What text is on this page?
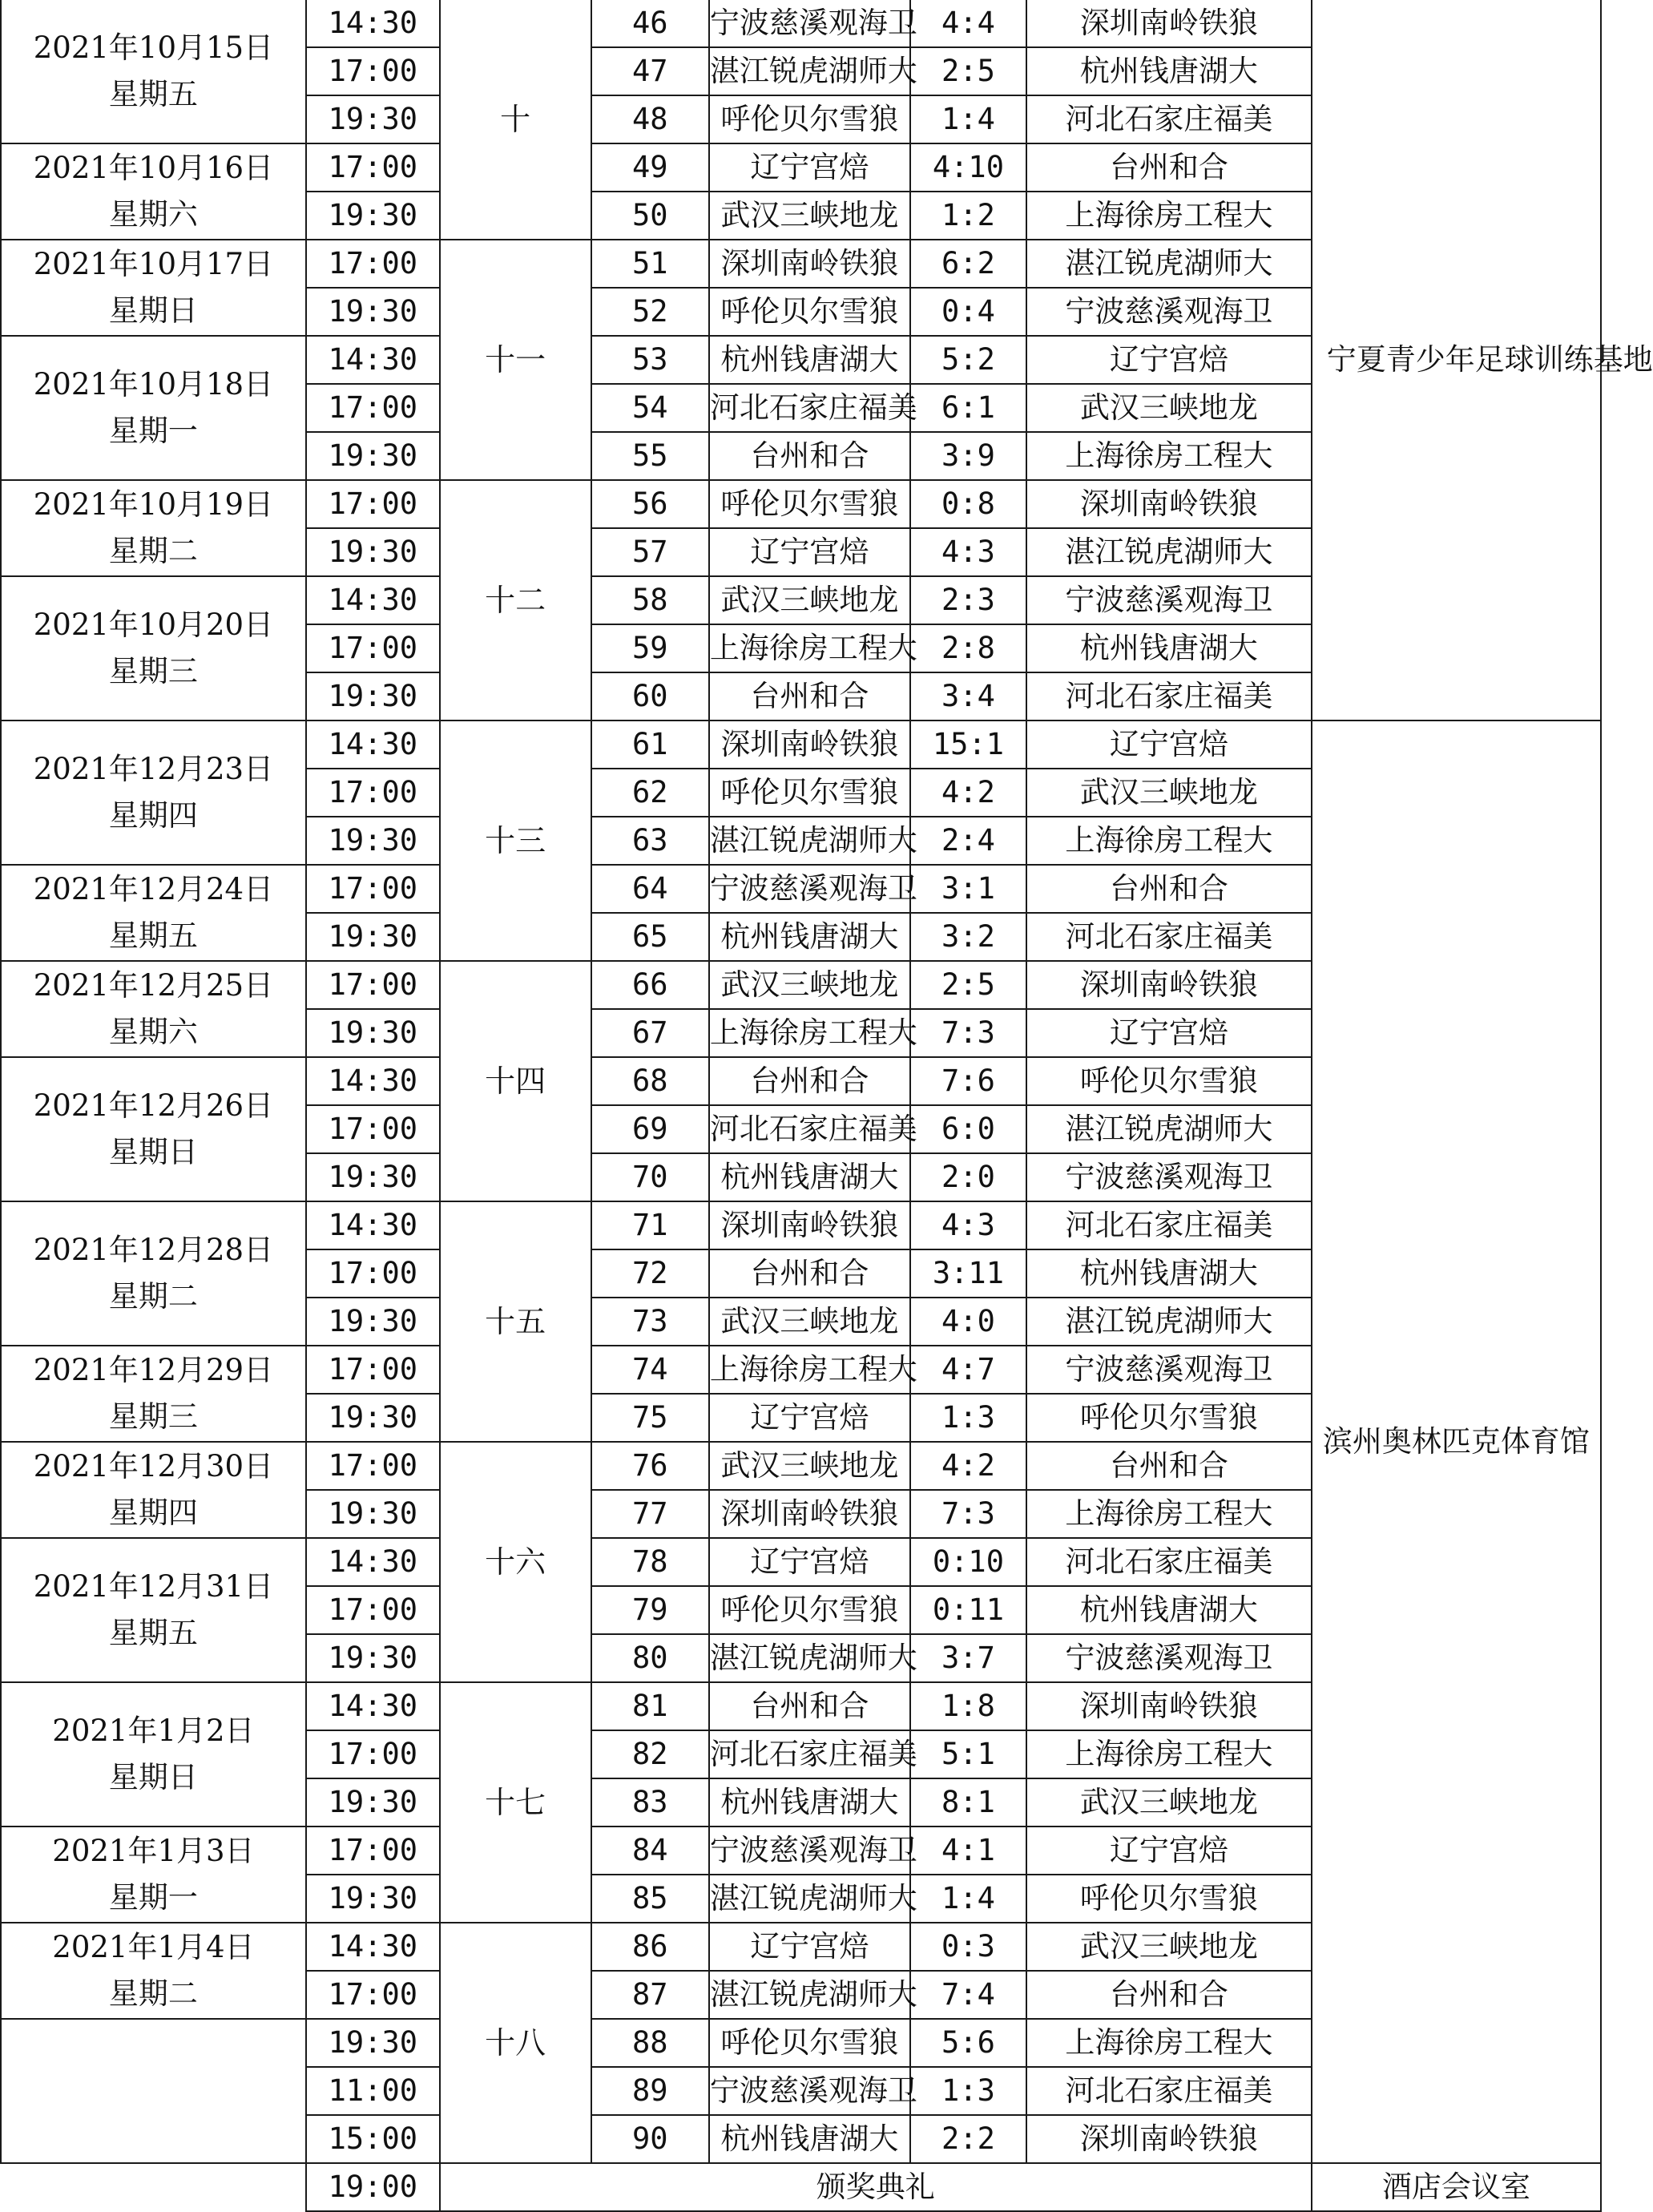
2021年10月15日
星期五	14:30	十	46	宁波慈溪观海卫	4:4	深圳南岭铁狼	宁夏青少年足球训练基地

	17:00		47	湛江锐虎湖师大	2:5	杭州钱唐湖大	
	19:30		48	呼伦贝尔雪狼	1:4	河北石家庄福美	

2021年10月16日
星期六	17:00		49	辽宁宫焙	4:10	台州和合	
	19:30		50	武汉三峡地龙	1:2	上海徐房工程大	

2021年10月17日
星期日	17:00	十一	51	深圳南岭铁狼	6:2	湛江锐虎湖师大	
	19:30		52	呼伦贝尔雪狼	0:4	宁波慈溪观海卫	

2021年10月18日
星期一	14:30		53	杭州钱唐湖大	5:2	辽宁宫焙	
	17:00		54	河北石家庄福美	6:1	武汉三峡地龙	
	19:30		55	台州和合	3:9	上海徐房工程大	

2021年10月19日
星期二	17:00	十二	56	呼伦贝尔雪狼	0:8	深圳南岭铁狼	
	19:30		57	辽宁宫焙	4:3	湛江锐虎湖师大	

2021年10月20日
星期三	14:30		58	武汉三峡地龙	2:3	宁波慈溪观海卫	
	17:00		59	上海徐房工程大	2:8	杭州钱唐湖大	
	19:30		60	台州和合	3:4	河北石家庄福美	

2021年12月23日
星期四	14:30	十三	61	深圳南岭铁狼	15:1	辽宁宫焙	滨州奥林匹克体育馆

	17:00		62	呼伦贝尔雪狼	4:2	武汉三峡地龙	
	19:30		63	湛江锐虎湖师大	2:4	上海徐房工程大	

2021年12月24日
星期五	17:00		64	宁波慈溪观海卫	3:1	台州和合	
	19:30		65	杭州钱唐湖大	3:2	河北石家庄福美	

2021年12月25日
星期六	17:00	十四	66	武汉三峡地龙	2:5	深圳南岭铁狼	
	19:30		67	上海徐房工程大	7:3	辽宁宫焙	

2021年12月26日
星期日	14:30		68	台州和合	7:6	呼伦贝尔雪狼	
	17:00		69	河北石家庄福美	6:0	湛江锐虎湖师大	
	19:30		70	杭州钱唐湖大	2:0	宁波慈溪观海卫	

2021年12月28日
星期二	14:30	十五	71	深圳南岭铁狼	4:3	河北石家庄福美	
	17:00		72	台州和合	3:11	杭州钱唐湖大	
	19:30		73	武汉三峡地龙	4:0	湛江锐虎湖师大	

2021年12月29日
星期三	17:00		74	上海徐房工程大	4:7	宁波慈溪观海卫	
	19:30		75	辽宁宫焙	1:3	呼伦贝尔雪狼	

2021年12月30日
星期四	17:00	十六	76	武汉三峡地龙	4:2	台州和合	
	19:30		77	深圳南岭铁狼	7:3	上海徐房工程大	

2021年12月31日
星期五	14:30		78	辽宁宫焙	0:10	河北石家庄福美	
	17:00		79	呼伦贝尔雪狼	0:11	杭州钱唐湖大	
	19:30		80	湛江锐虎湖师大	3:7	宁波慈溪观海卫	

2021年1月2日
星期日	14:30	十七	81	台州和合	1:8	深圳南岭铁狼	
	17:00		82	河北石家庄福美	5:1	上海徐房工程大	
	19:30		83	杭州钱唐湖大	8:1	武汉三峡地龙	

2021年1月3日
星期一	17:00		84	宁波慈溪观海卫	4:1	辽宁宫焙	
	19:30		85	湛江锐虎湖师大	1:4	呼伦贝尔雪狼	

2021年1月4日
星期二	14:30	十八	86	辽宁宫焙	0:3	武汉三峡地龙	
	17:00		87	湛江锐虎湖师大	7:4	台州和合	

	19:30		88	呼伦贝尔雪狼	5:6	上海徐房工程大	
	11:00		89	宁波慈溪观海卫	1:3	河北石家庄福美	
	15:00		90	杭州钱唐湖大	2:2	深圳南岭铁狼	
	19:00	颁奖典礼					酒店会议室
